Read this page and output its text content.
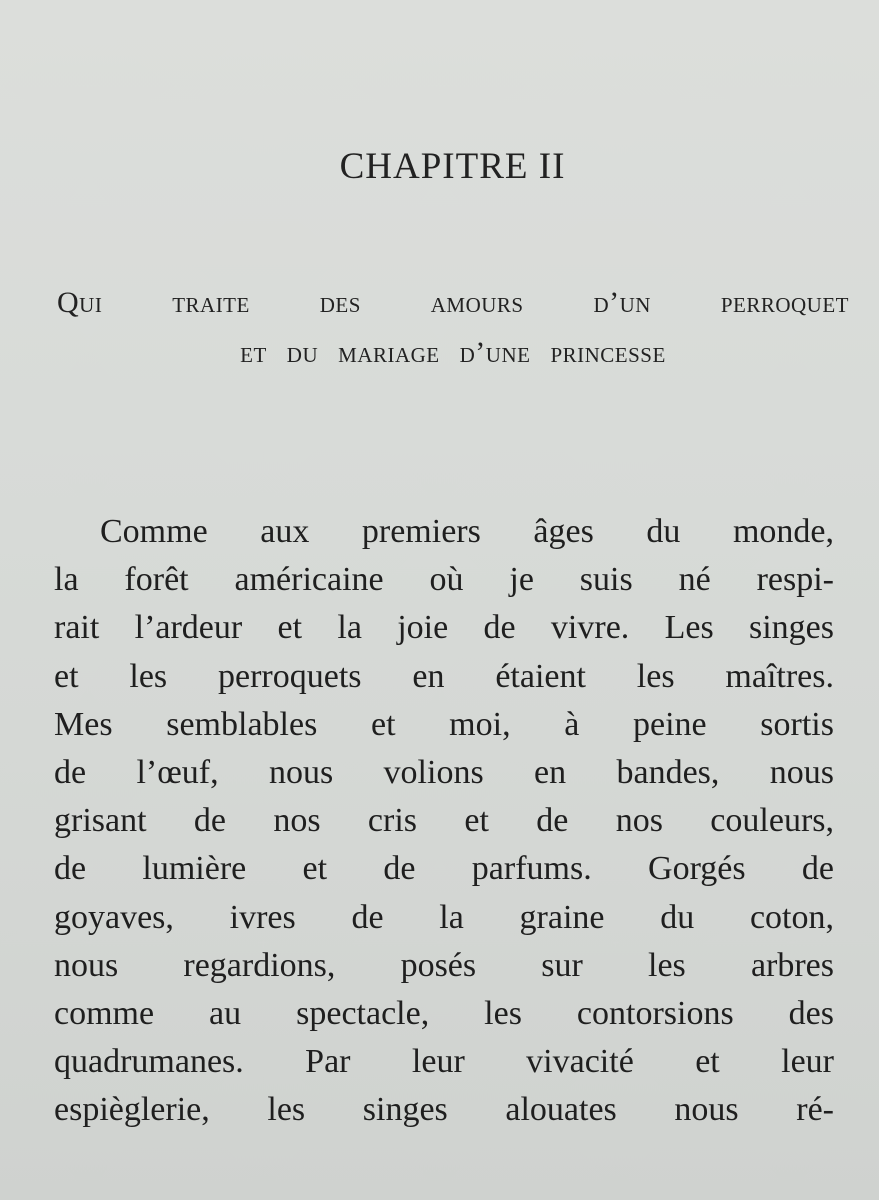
CHAPITRE II
Qui traite des amours d’un perroquet
et du mariage d’une princesse
Comme aux premiers âges du monde,
la forêt américaine où je suis né respi-
rait l’ardeur et la joie de vivre. Les singes
et les perroquets en étaient les maîtres.
Mes semblables et moi, à peine sortis
de l’œuf, nous volions en bandes, nous
grisant de nos cris et de nos couleurs,
de lumière et de parfums. Gorgés de
goyaves, ivres de la graine du coton,
nous regardions, posés sur les arbres
comme au spectacle, les contorsions des
quadrumanes. Par leur vivacité et leur
espièglerie, les singes alouates nous ré-
